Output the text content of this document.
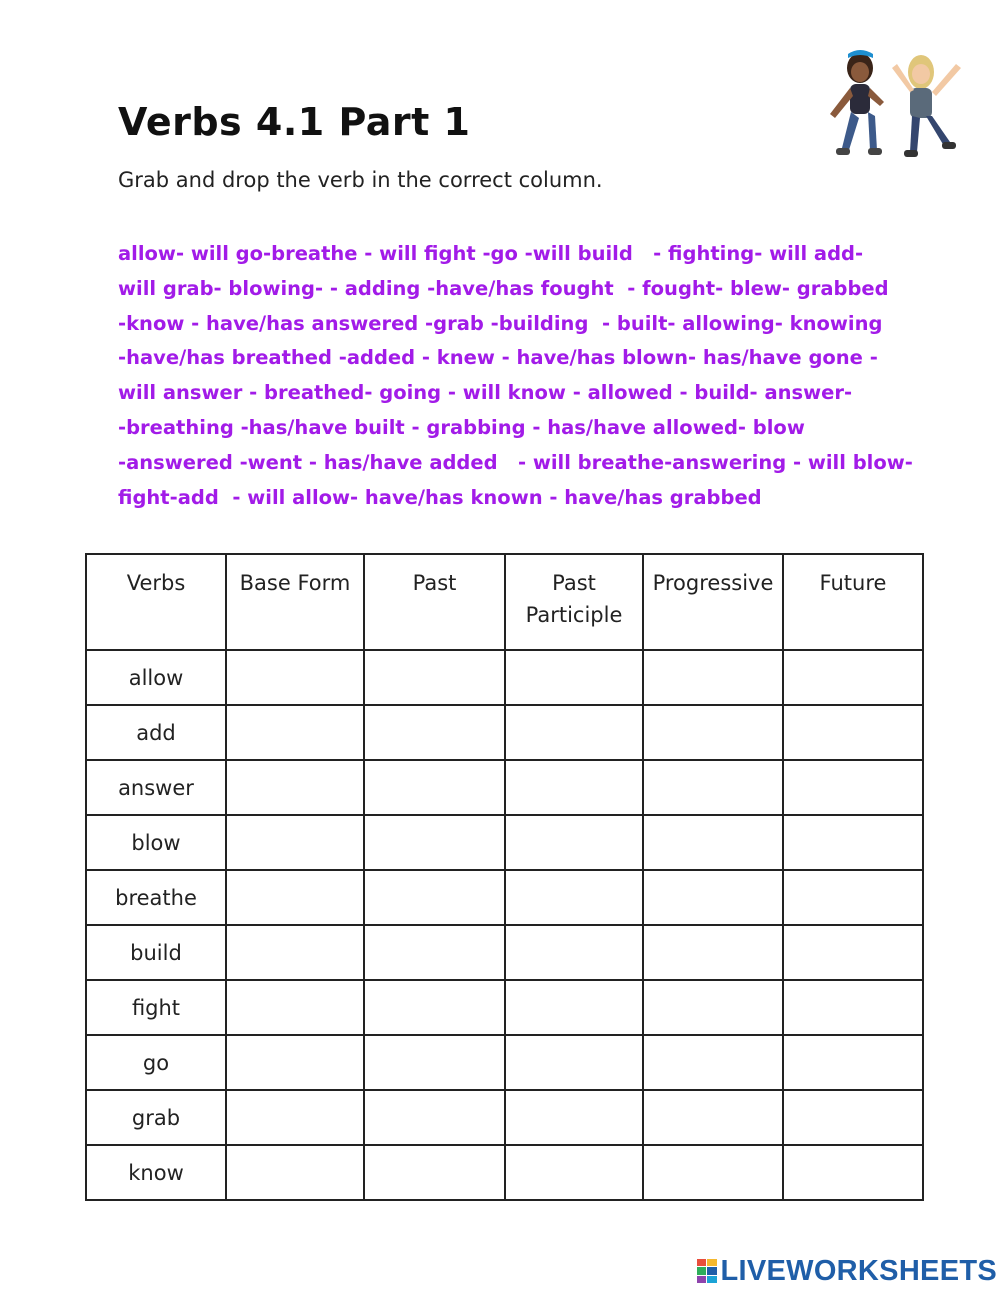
Verbs 4.1 Part 1
Grab and drop the verb in the correct column.
allow- will go-breathe - will fight -go -will build   - fighting- will add-
will grab- blowing- - adding -have/has fought  - fought- blew- grabbed
-know - have/has answered -grab -building  - built- allowing- knowing
-have/has breathed -added - knew - have/has blown- has/have gone -
will answer - breathed- going - will know - allowed - build- answer-
-breathing -has/have built - grabbing - has/have allowed- blow
-answered -went - has/have added   - will breathe-answering - will blow-
fight-add  - will allow- have/has known - have/has grabbed
Verbs	Base Form	Past	Past Participle	Progressive	Future
allow					
add					
answer					
blow					
breathe					
build					
fight					
go					
grab					
know					
LIVEWORKSHEETS
